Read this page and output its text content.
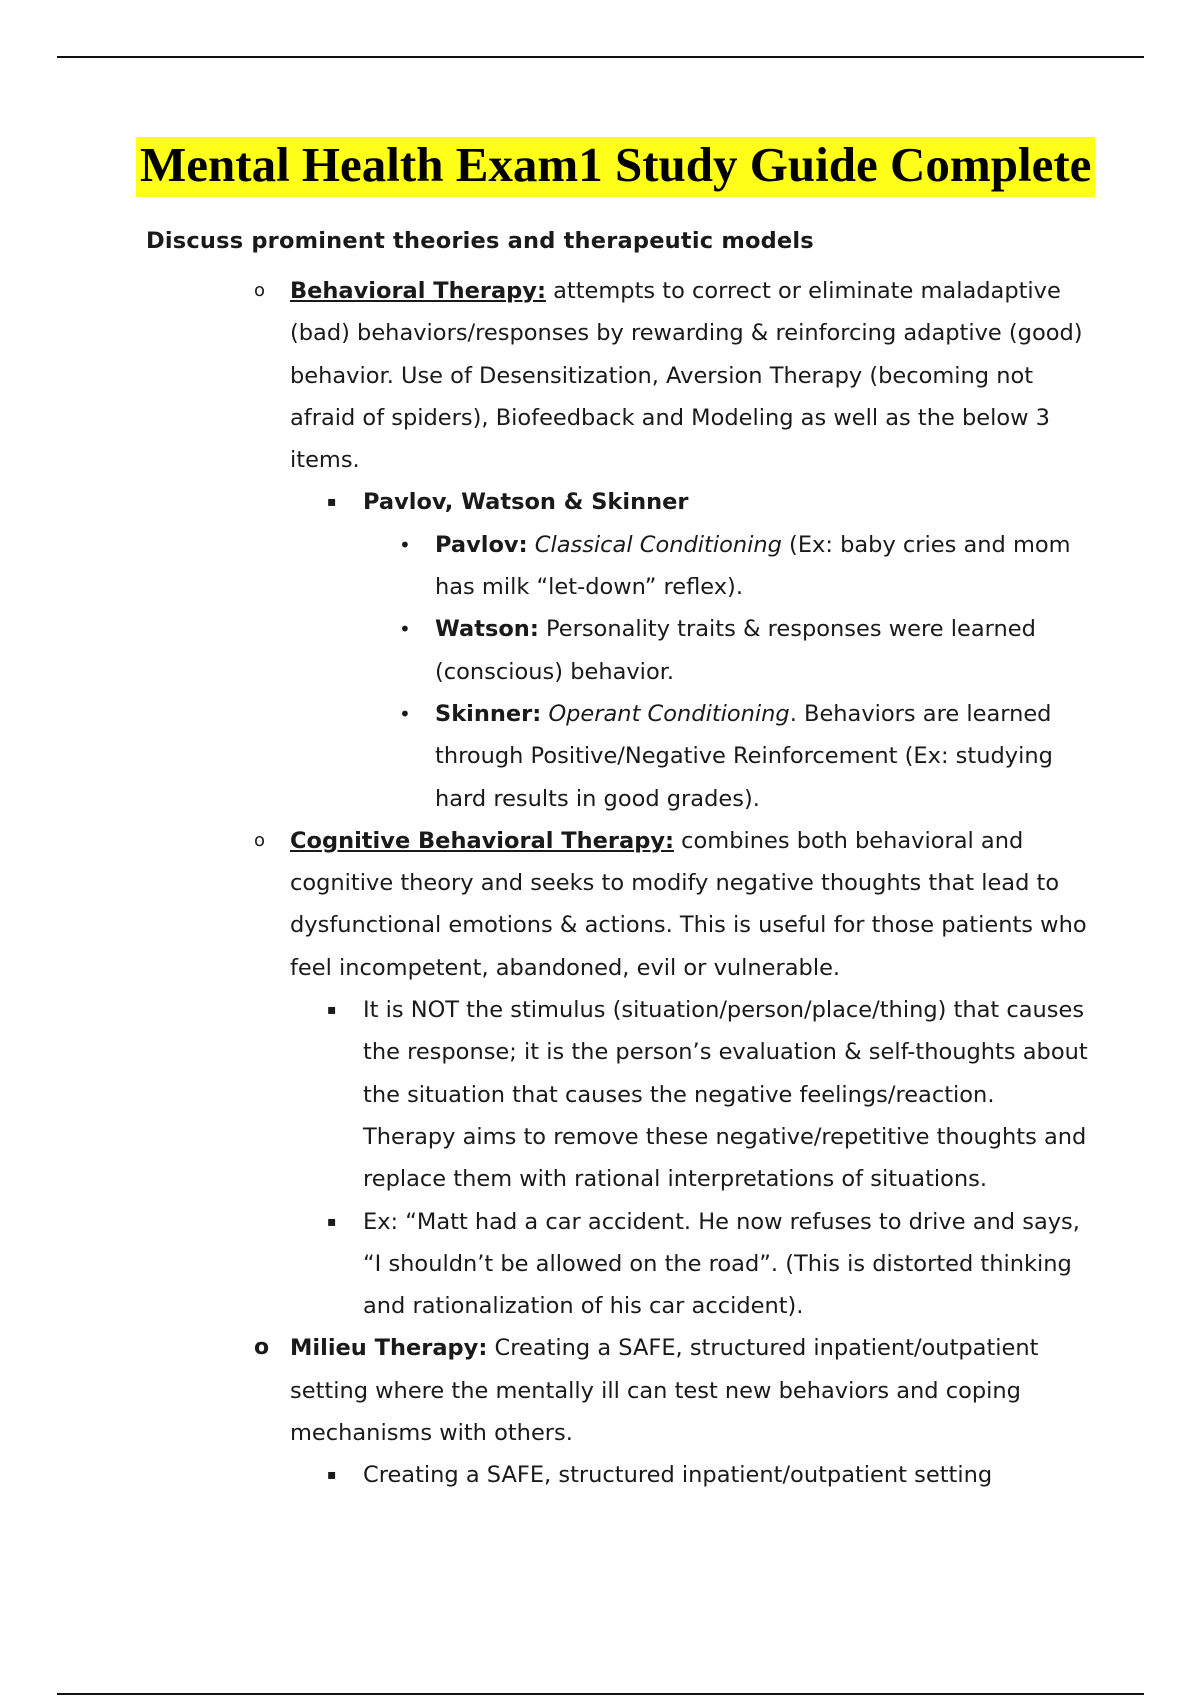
Mental Health Exam1 Study Guide Complete
Discuss prominent theories and therapeutic models
o Behavioral Therapy: attempts to correct or eliminate maladaptive (bad) behaviors/responses by rewarding & reinforcing adaptive (good) behavior. Use of Desensitization, Aversion Therapy (becoming not afraid of spiders), Biofeedback and Modeling as well as the below 3 items.

▪ Pavlov, Watson & Skinner

• Pavlov: Classical Conditioning (Ex: baby cries and mom has milk “let-down” reflex).

• Watson: Personality traits & responses were learned (conscious) behavior.

• Skinner: Operant Conditioning. Behaviors are learned through Positive/Negative Reinforcement (Ex: studying hard results in good grades).

o Cognitive Behavioral Therapy: combines both behavioral and cognitive theory and seeks to modify negative thoughts that lead to dysfunctional emotions & actions. This is useful for those patients who feel incompetent, abandoned, evil or vulnerable.

▪ It is NOT the stimulus (situation/person/place/thing) that causes the response; it is the person’s evaluation & self-thoughts about the situation that causes the negative feelings/reaction. Therapy aims to remove these negative/repetitive thoughts and replace them with rational interpretations of situations.

▪ Ex: “Matt had a car accident. He now refuses to drive and says, “I shouldn’t be allowed on the road”. (This is distorted thinking and rationalization of his car accident).

o Milieu Therapy: Creating a SAFE, structured inpatient/outpatient setting where the mentally ill can test new behaviors and coping mechanisms with others.

▪ Creating a SAFE, structured inpatient/outpatient setting
